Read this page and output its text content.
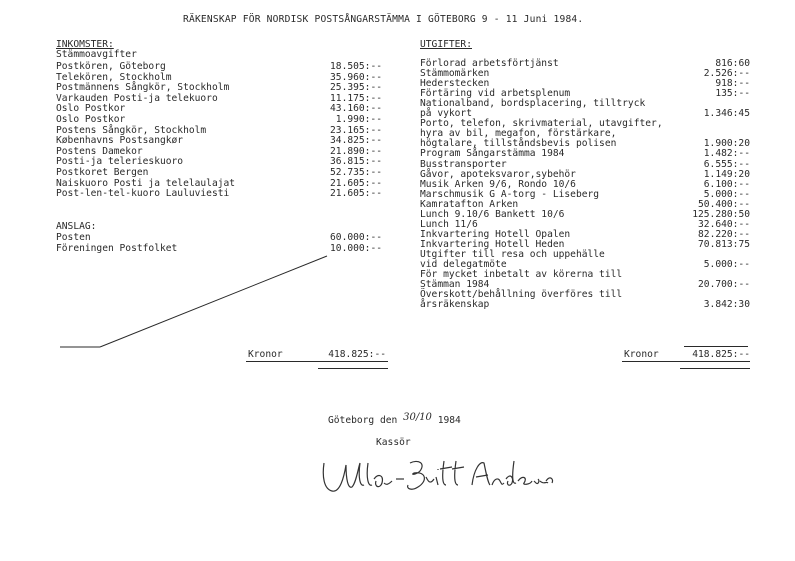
RÄKENSKAP FÖR NORDISK POSTSÅNGARSTÄMMA I GÖTEBORG 9 - 11 Juni 1984.
INKOMSTER:
Stämmoavgifter
Postkören, Göteborg	18.505:--
Telekören, Stockholm	35.960:--
Postmännens Sångkör, Stockholm	25.395:--
Varkauden Posti-ja telekuoro	11.175:--
Oslo Postkor	43.160:--
Oslo Postkor	1.990:--
Postens Sångkör, Stockholm	23.165:--
Københavns Postsangkør	34.825:--
Postens Damekor	21.890:--
Posti-ja telerieskuoro	36.815:--
Postkoret Bergen	52.735:--
Naiskuoro Posti ja telelaulajat	21.605:--
Post-len-tel-kuoro Lauluviesti	21.605:--
ANSLAG:
Posten	60.000:--
Föreningen Postfolket	10.000:--
Kronor	418.825:--
UTGIFTER:
Förlorad arbetsförtjänst	816:60
Stämmomärken	2.526:--
Hederstecken	918:--
Förtäring vid arbetsplenum	135:--
Nationalband, bordsplacering, tilltryck
på vykort	1.346:45
Porto, telefon, skrivmaterial, utavgifter,
hyra av bil, megafon, förstärkare,
högtalare, tillståndsbevis polisen	1.900:20
Program Sångarstämma 1984	1.482:--
Busstransporter	6.555:--
Gåvor, apoteksvaror,sybehör	1.149:20
Musik Arken 9/6, Rondo 10/6	6.100:--
Marschmusik G A-torg - Liseberg	5.000:--
Kamratafton Arken	50.400:--
Lunch 9.10/6 Bankett 10/6	125.280:50
Lunch 11/6	32.640:--
Inkvartering Hotell Opalen	82.220:--
Inkvartering Hotell Heden	70.813:75
Utgifter till resa och uppehälle
vid delegatmöte	5.000:--
För mycket inbetalt av körerna till
Stämman 1984	20.700:--
Överskott/behållning överföres till
årsräkenskap	3.842:30
Kronor	418.825:--
Göteborg den 30/10 1984
Kassör
